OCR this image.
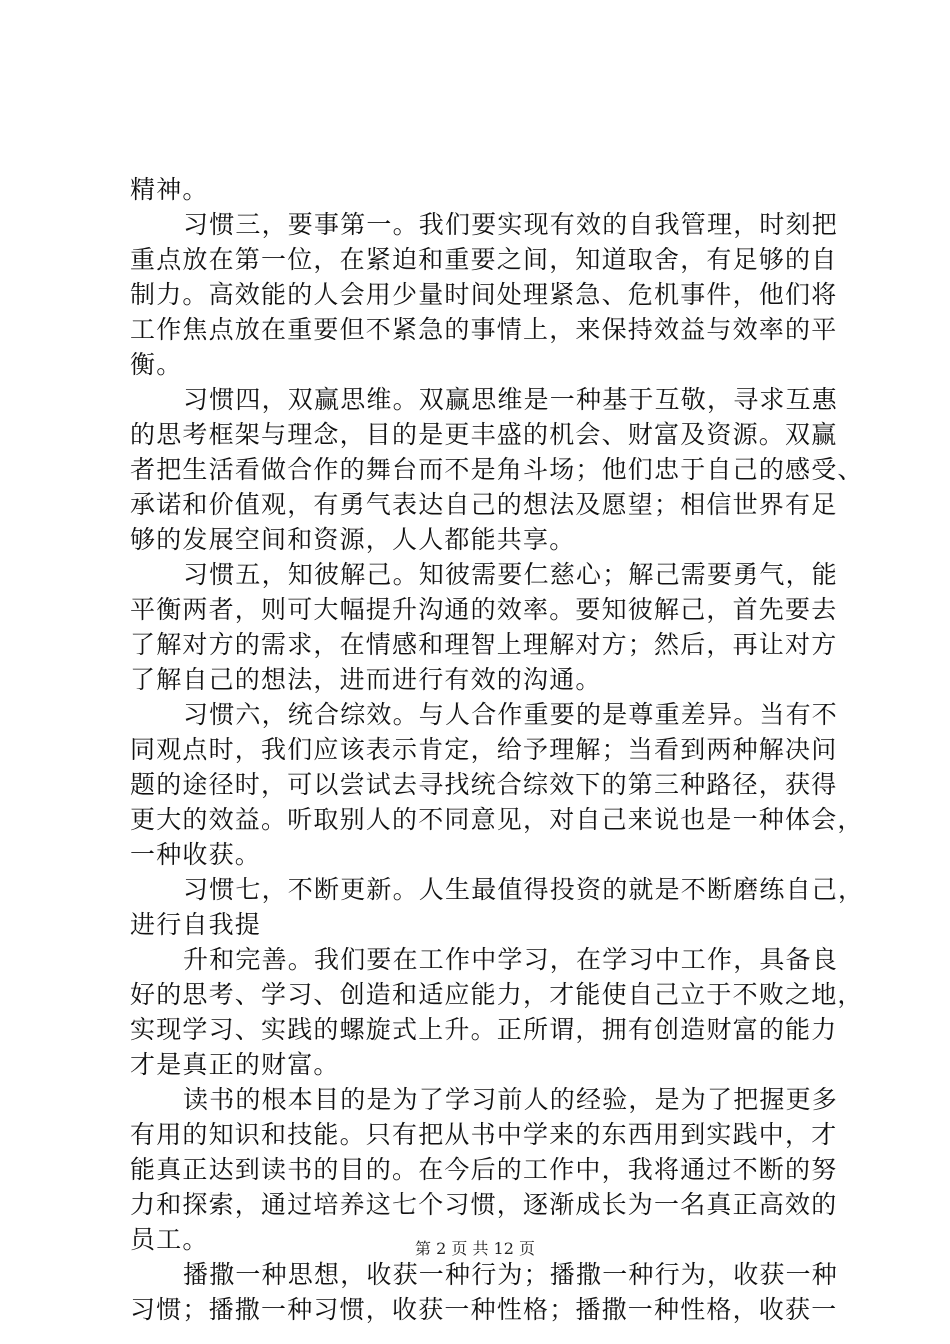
精神。
习惯三，要事第一。我们要实现有效的自我管理，时刻把
重点放在第一位，在紧迫和重要之间，知道取舍，有足够的自
制力。高效能的人会用少量时间处理紧急、危机事件，他们将
工作焦点放在重要但不紧急的事情上，来保持效益与效率的平
衡。
习惯四，双赢思维。双赢思维是一种基于互敬，寻求互惠
的思考框架与理念，目的是更丰盛的机会、财富及资源。双赢
者把生活看做合作的舞台而不是角斗场；他们忠于自己的感受、
承诺和价值观，有勇气表达自己的想法及愿望；相信世界有足
够的发展空间和资源，人人都能共享。
习惯五，知彼解己。知彼需要仁慈心；解己需要勇气，能
平衡两者，则可大幅提升沟通的效率。要知彼解己，首先要去
了解对方的需求，在情感和理智上理解对方；然后，再让对方
了解自己的想法，进而进行有效的沟通。
习惯六，统合综效。与人合作重要的是尊重差异。当有不
同观点时，我们应该表示肯定，给予理解；当看到两种解决问
题的途径时，可以尝试去寻找统合综效下的第三种路径，获得
更大的效益。听取别人的不同意见，对自己来说也是一种体会，
一种收获。
习惯七，不断更新。人生最值得投资的就是不断磨练自己，
进行自我提
升和完善。我们要在工作中学习，在学习中工作，具备良
好的思考、学习、创造和适应能力，才能使自己立于不败之地，
实现学习、实践的螺旋式上升。正所谓，拥有创造财富的能力
才是真正的财富。
读书的根本目的是为了学习前人的经验，是为了把握更多
有用的知识和技能。只有把从书中学来的东西用到实践中，才
能真正达到读书的目的。在今后的工作中，我将通过不断的努
力和探索，通过培养这七个习惯，逐渐成长为一名真正高效的
员工。
播撒一种思想，收获一种行为；播撒一种行为，收获一种
习惯；播撒一种习惯，收获一种性格；播撒一种性格，收获一
第 2 页 共 12 页
